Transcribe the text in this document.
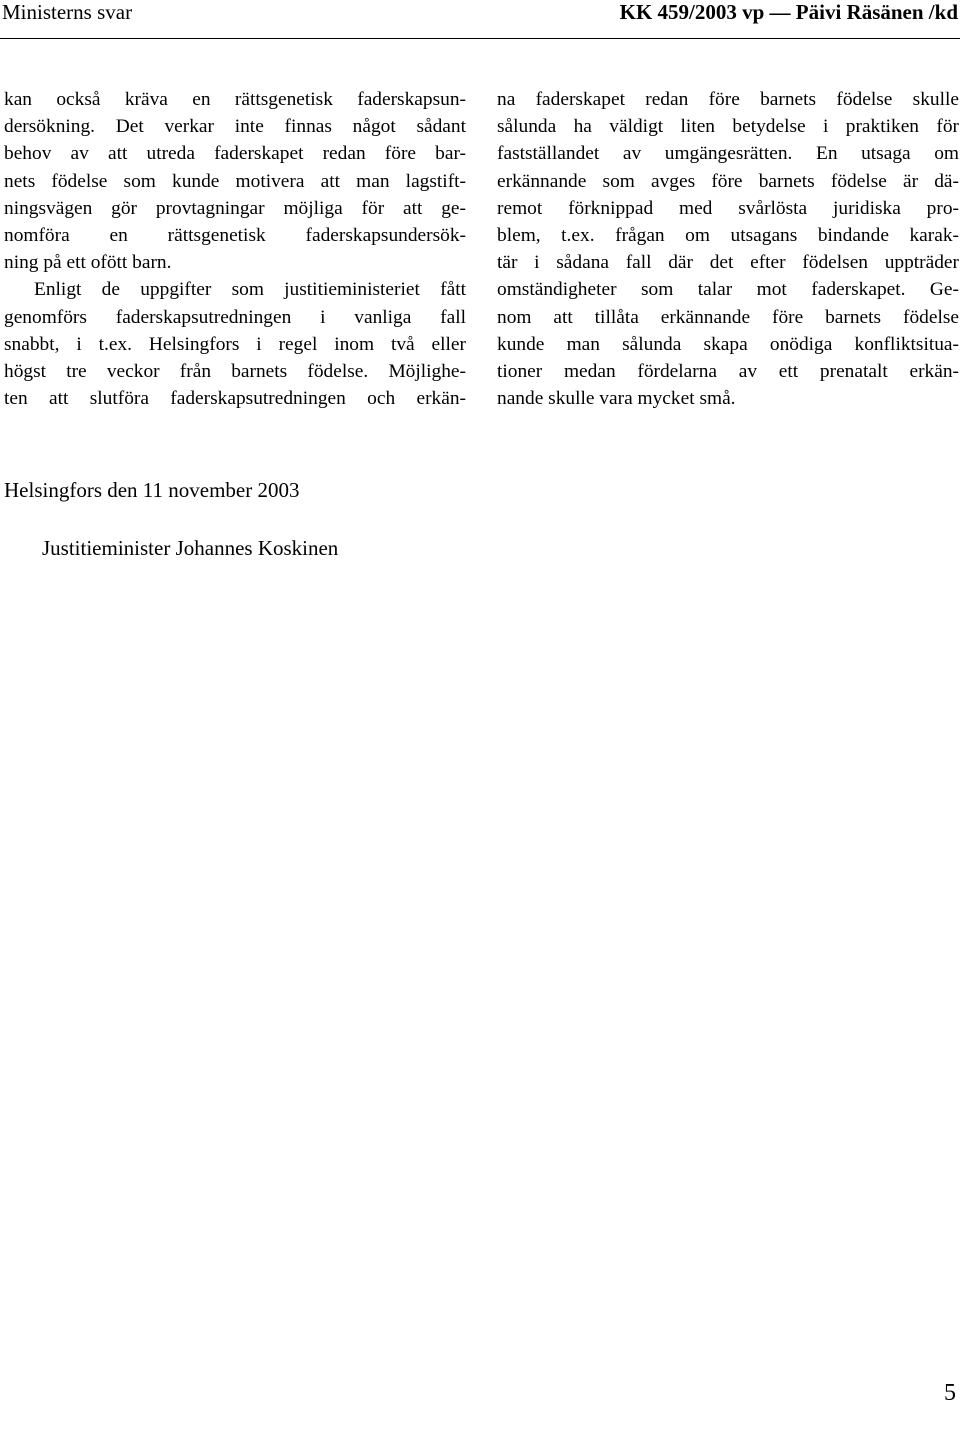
Ministerns svar	KK 459/2003 vp — Päivi Räsänen /kd
kan också kräva en rättsgenetisk faderskapsun-
dersökning. Det verkar inte finnas något sådant
behov av att utreda faderskapet redan före bar-
nets födelse som kunde motivera att man lagstift-
ningsvägen gör provtagningar möjliga för att ge-
nomföra en rättsgenetisk faderskapsundersök-
ning på ett ofött barn.
Enligt de uppgifter som justitieministeriet fått
genomförs faderskapsutredningen i vanliga fall
snabbt, i t.ex. Helsingfors i regel inom två eller
högst tre veckor från barnets födelse. Möjlighe-
ten att slutföra faderskapsutredningen och erkän-
na faderskapet redan före barnets födelse skulle
sålunda ha väldigt liten betydelse i praktiken för
fastställandet av umgängesrätten. En utsaga om
erkännande som avges före barnets födelse är dä-
remot förknippad med svårlösta juridiska pro-
blem, t.ex. frågan om utsagans bindande karak-
tär i sådana fall där det efter födelsen uppträder
omständigheter som talar mot faderskapet. Ge-
nom att tillåta erkännande före barnets födelse
kunde man sålunda skapa onödiga konfliktsitua-
tioner medan fördelarna av ett prenatalt erkän-
nande skulle vara mycket små.
Helsingfors den 11 november 2003
Justitieminister Johannes Koskinen
5
